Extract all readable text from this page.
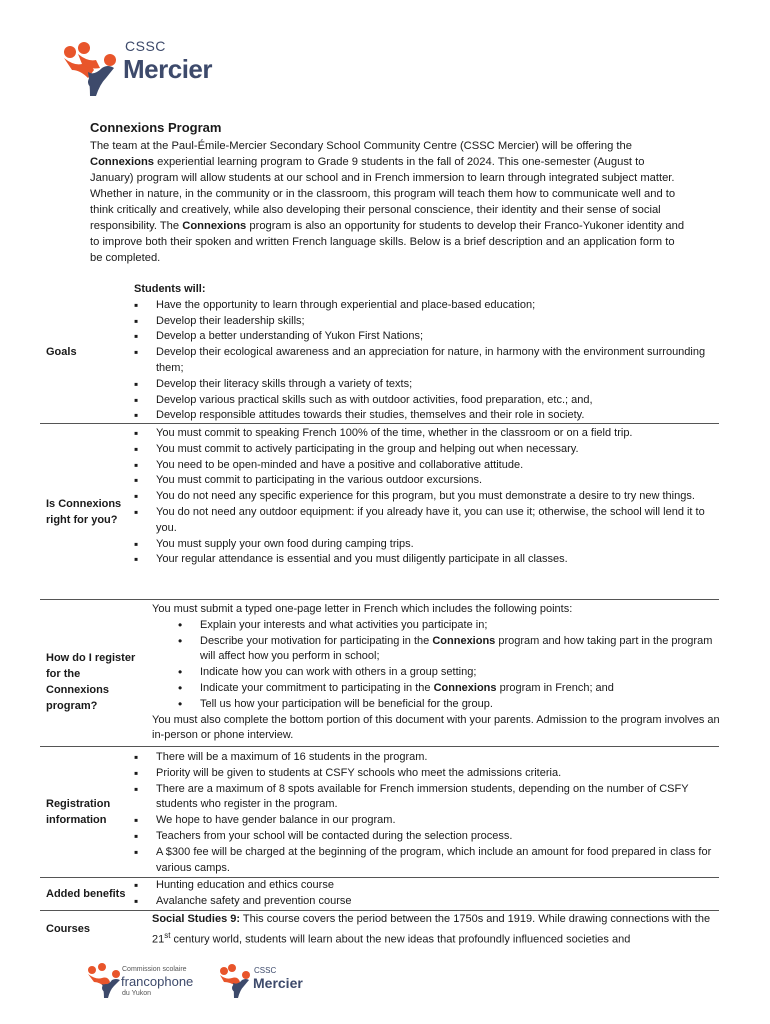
CSSC
Mercier
Connexions Program

The team at the Paul-Émile-Mercier Secondary School Community Centre (CSSC Mercier) will be offering the Connexions experiential learning program to Grade 9 students in the fall of 2024. This one-semester (August to January) program will allow students at our school and in French immersion to learn through integrated subject matter. Whether in nature, in the community or in the classroom, this program will teach them how to communicate well and to think critically and creatively, while also developing their personal conscience, their identity and their sense of social responsibility. The Connexions program is also an opportunity for students to develop their Franco-Yukoner identity and to improve both their spoken and written French language skills. Below is a brief description and an application form to be completed.

Goals
Students will:
▪ Have the opportunity to learn through experiential and place-based education;
▪ Develop their leadership skills;
▪ Develop a better understanding of Yukon First Nations;
▪ Develop their ecological awareness and an appreciation for nature, in harmony with the environment surrounding them;
▪ Develop their literacy skills through a variety of texts;
▪ Develop various practical skills such as with outdoor activities, food preparation, etc.; and,
▪ Develop responsible attitudes towards their studies, themselves and their role in society.
Is Connexions right for you?
▪ You must commit to speaking French 100% of the time, whether in the classroom or on a field trip.
▪ You must commit to actively participating in the group and helping out when necessary.
▪ You need to be open-minded and have a positive and collaborative attitude.
▪ You must commit to participating in the various outdoor excursions.
▪ You do not need any specific experience for this program, but you must demonstrate a desire to try new things.
▪ You do not need any outdoor equipment: if you already have it, you can use it; otherwise, the school will lend it to you.
▪ You must supply your own food during camping trips.
▪ Your regular attendance is essential and you must diligently participate in all classes.
How do I register for the Connexions program?
You must submit a typed one-page letter in French which includes the following points:
• Explain your interests and what activities you participate in;
• Describe your motivation for participating in the Connexions program and how taking part in the program will affect how you perform in school;
• Indicate how you can work with others in a group setting;
• Indicate your commitment to participating in the Connexions program in French; and
• Tell us how your participation will be beneficial for the group.
You must also complete the bottom portion of this document with your parents. Admission to the program involves an in-person or phone interview.
Registration information
▪ There will be a maximum of 16 students in the program.
▪ Priority will be given to students at CSFY schools who meet the admissions criteria.
▪ There are a maximum of 8 spots available for French immersion students, depending on the number of CSFY students who register in the program.
▪ We hope to have gender balance in our program.
▪ Teachers from your school will be contacted during the selection process.
▪ A $300 fee will be charged at the beginning of the program, which include an amount for food prepared in class for various camps.
Added benefits
▪ Hunting education and ethics course
▪ Avalanche safety and prevention course
Courses
Social Studies 9: This course covers the period between the 1750s and 1919. While drawing connections with the 21st century world, students will learn about the new ideas that profoundly influenced societies and
Commission scolaire
francophone
du Yukon
CSSC
Mercier
